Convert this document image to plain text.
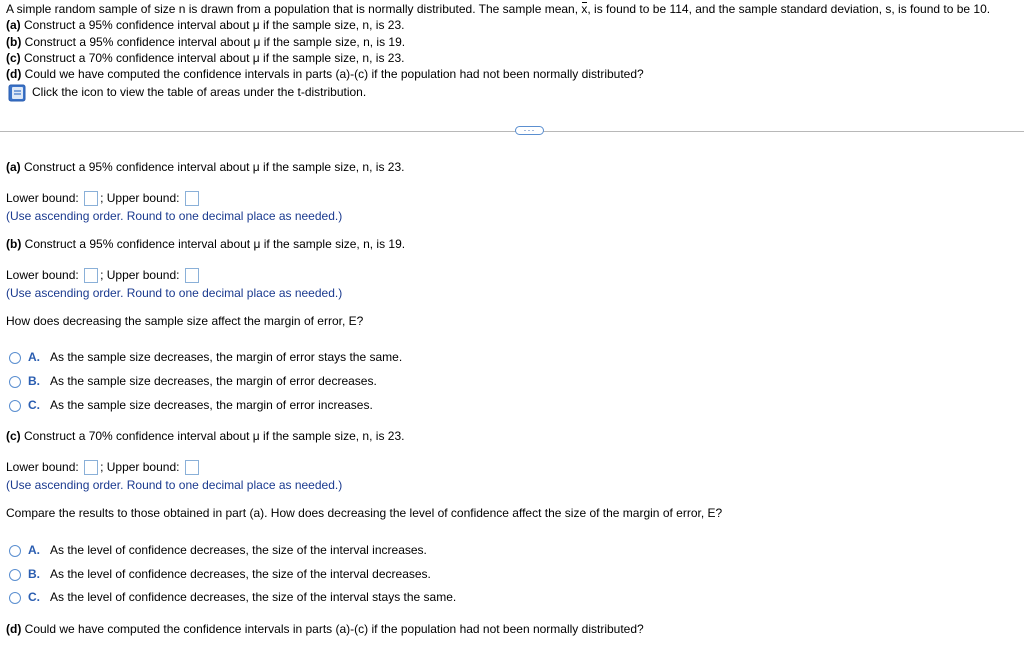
A simple random sample of size n is drawn from a population that is normally distributed. The sample mean, x, is found to be 114, and the sample standard deviation, s, is found to be 10.
(a) Construct a 95% confidence interval about μ if the sample size, n, is 23.
(b) Construct a 95% confidence interval about μ if the sample size, n, is 19.
(c) Construct a 70% confidence interval about μ if the sample size, n, is 23.
(d) Could we have computed the confidence intervals in parts (a)-(c) if the population had not been normally distributed?
Click the icon to view the table of areas under the t-distribution.
···
(a) Construct a 95% confidence interval about μ if the sample size, n, is 23.
Lower bound: ; Upper bound:
(Use ascending order. Round to one decimal place as needed.)
(b) Construct a 95% confidence interval about μ if the sample size, n, is 19.
Lower bound: ; Upper bound:
(Use ascending order. Round to one decimal place as needed.)
How does decreasing the sample size affect the margin of error, E?
A. As the sample size decreases, the margin of error stays the same.
B. As the sample size decreases, the margin of error decreases.
C. As the sample size decreases, the margin of error increases.
(c) Construct a 70% confidence interval about μ if the sample size, n, is 23.
Lower bound: ; Upper bound:
(Use ascending order. Round to one decimal place as needed.)
Compare the results to those obtained in part (a). How does decreasing the level of confidence affect the size of the margin of error, E?
A. As the level of confidence decreases, the size of the interval increases.
B. As the level of confidence decreases, the size of the interval decreases.
C. As the level of confidence decreases, the size of the interval stays the same.
(d) Could we have computed the confidence intervals in parts (a)-(c) if the population had not been normally distributed?
